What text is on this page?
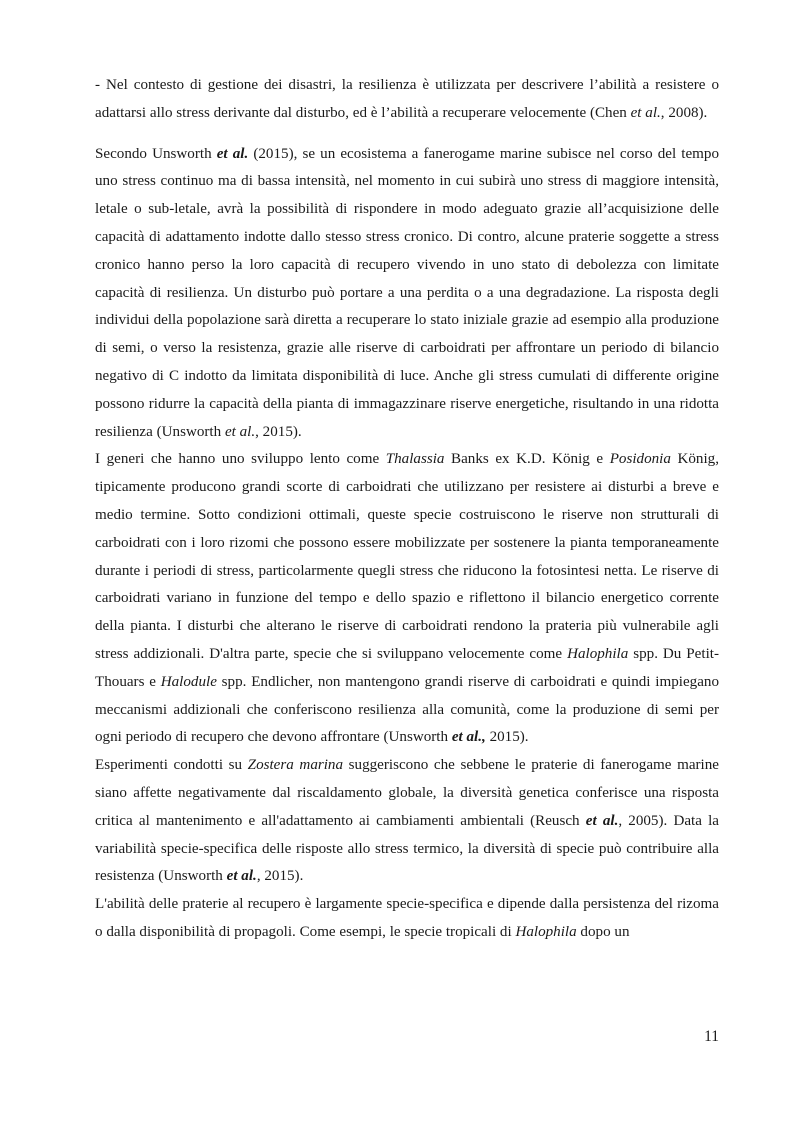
- Nel contesto di gestione dei disastri, la resilienza è utilizzata per descrivere l’abilità a resistere o adattarsi allo stress derivante dal disturbo, ed è l’abilità a recuperare velocemente (Chen et al., 2008).

Secondo Unsworth et al. (2015), se un ecosistema a fanerogame marine subisce nel corso del tempo uno stress continuo ma di bassa intensità, nel momento in cui subirà uno stress di maggiore intensità, letale o sub-letale, avrà la possibilità di rispondere in modo adeguato grazie all’acquisizione delle capacità di adattamento indotte dallo stesso stress cronico. Di contro, alcune praterie soggette a stress cronico hanno perso la loro capacità di recupero vivendo in uno stato di debolezza con limitate capacità di resilienza. Un disturbo può portare a una perdita o a una degradazione. La risposta degli individui della popolazione sarà diretta a recuperare lo stato iniziale grazie ad esempio alla produzione di semi, o verso la resistenza, grazie alle riserve di carboidrati per affrontare un periodo di bilancio negativo di C indotto da limitata disponibilità di luce. Anche gli stress cumulati di differente origine possono ridurre la capacità della pianta di immagazzinare riserve energetiche, risultando in una ridotta resilienza (Unsworth et al., 2015).

I generi che hanno uno sviluppo lento come Thalassia Banks ex K.D. König e Posidonia König, tipicamente producono grandi scorte di carboidrati che utilizzano per resistere ai disturbi a breve e medio termine. Sotto condizioni ottimali, queste specie costruiscono le riserve non strutturali di carboidrati con i loro rizomi che possono essere mobilizzate per sostenere la pianta temporaneamente durante i periodi di stress, particolarmente quegli stress che riducono la fotosintesi netta. Le riserve di carboidrati variano in funzione del tempo e dello spazio e riflettono il bilancio energetico corrente della pianta. I disturbi che alterano le riserve di carboidrati rendono la prateria più vulnerabile agli stress addizionali. D'altra parte, specie che si sviluppano velocemente come Halophila spp. Du Petit-Thouars e Halodule spp. Endlicher, non mantengono grandi riserve di carboidrati e quindi impiegano meccanismi addizionali che conferiscono resilienza alla comunità, come la produzione di semi per ogni periodo di recupero che devono affrontare (Unsworth et al., 2015).

Esperimenti condotti su Zostera marina suggeriscono che sebbene le praterie di fanerogame marine siano affette negativamente dal riscaldamento globale, la diversità genetica conferisce una risposta critica al mantenimento e all'adattamento ai cambiamenti ambientali (Reusch et al., 2005). Data la variabilità specie-specifica delle risposte allo stress termico, la diversità di specie può contribuire alla resistenza (Unsworth et al., 2015).

L'abilità delle praterie al recupero è largamente specie-specifica e dipende dalla persistenza del rizoma o dalla disponibilità di propagoli. Come esempi, le specie tropicali di Halophila dopo un

11
